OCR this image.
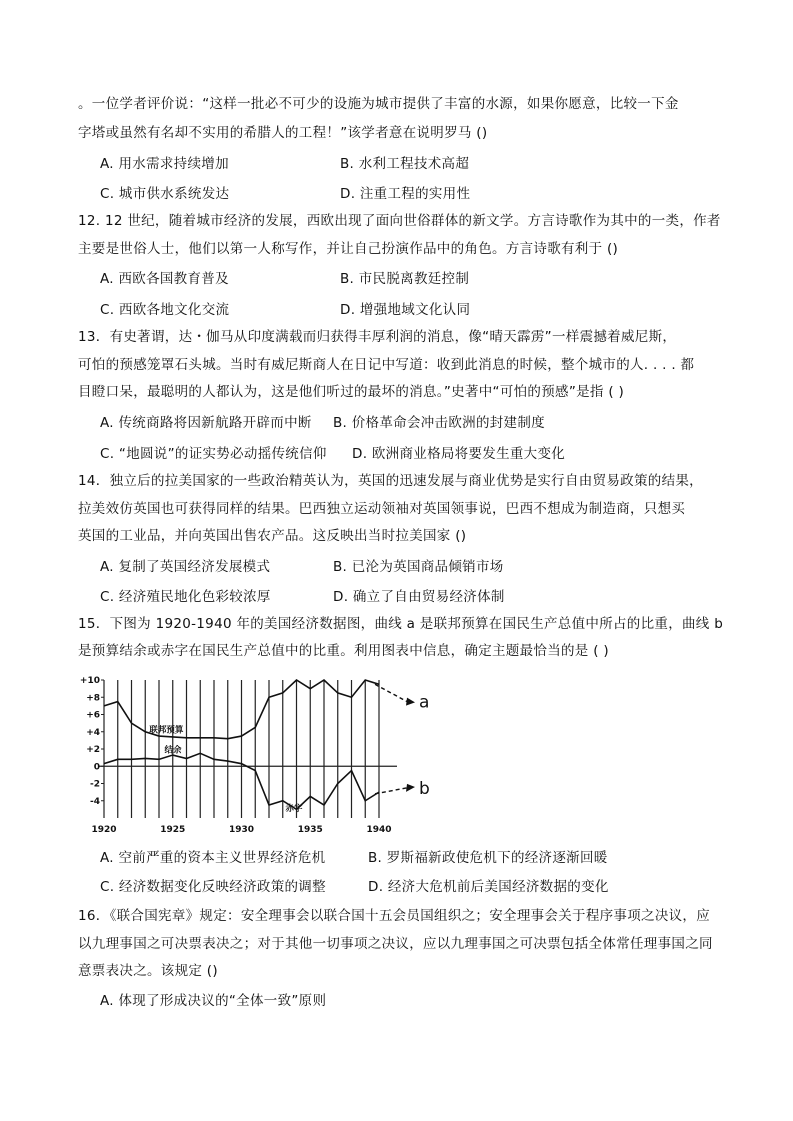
。一位学者评价说：“这样一批必不可少的设施为城市提供了丰富的水源，如果你愿意，比较一下金
字塔或虽然有名却不实用的希腊人的工程！”该学者意在说明罗马 ()
A. 用水需求持续增加	B. 水利工程技术高超
C. 城市供水系统发达	D. 注重工程的实用性
12. 12 世纪，随着城市经济的发展，西欧出现了面向世俗群体的新文学。方言诗歌作为其中的一类，作者
主要是世俗人士，他们以第一人称写作，并让自己扮演作品中的角色。方言诗歌有利于 ()
A. 西欧各国教育普及	B. 市民脱离教廷控制
C. 西欧各地文化交流	D. 增强地域文化认同
13．有史著谓，达・伽马从印度满载而归获得丰厚利润的消息，像“晴天霹雳”一样震撼着威尼斯，
可怕的预感笼罩石头城。当时有威尼斯商人在日记中写道：收到此消息的时候，整个城市的人. . . . 都
目瞪口呆，最聪明的人都认为，这是他们听过的最坏的消息。”史著中“可怕的预感”是指 ( )
A. 传统商路将因新航路开辟而中断 B. 价格革命会冲击欧洲的封建制度
C. “地圆说”的证实势必动摇传统信仰 D. 欧洲商业格局将要发生重大变化
14．独立后的拉美国家的一些政治精英认为，英国的迅速发展与商业优势是实行自由贸易政策的结果，
拉美效仿英国也可获得同样的结果。巴西独立运动领袖对英国领事说，巴西不想成为制造商，只想买
英国的工业品，并向英国出售农产品。这反映出当时拉美国家 ()
A. 复制了英国经济发展模式	B. 已沦为英国商品倾销市场
C. 经济殖民地化色彩较浓厚	D. 确立了自由贸易经济体制
15．下图为 1920-1940 年的美国经济数据图，曲线 a 是联邦预算在国民生产总值中所占的比重，曲线 b
是预算结余或赤字在国民生产总值中的比重。利用图表中信息，确定主题最恰当的是 ( )
+10
+8
+6
+4
+2
0
-2
-4
1920	1925	1930	1935	1940
联邦预算
结余
赤字
a
b
A. 空前严重的资本主义世界经济危机	B. 罗斯福新政使危机下的经济逐渐回暖
C. 经济数据变化反映经济政策的调整	D. 经济大危机前后美国经济数据的变化
16．《联合国宪章》规定：安全理事会以联合国十五会员国组织之；安全理事会关于程序事项之决议，应
以九理事国之可决票表决之；对于其他一切事项之决议，应以九理事国之可决票包括全体常任理事国之同
意票表决之。该规定 ()
A. 体现了形成决议的“全体一致”原则
